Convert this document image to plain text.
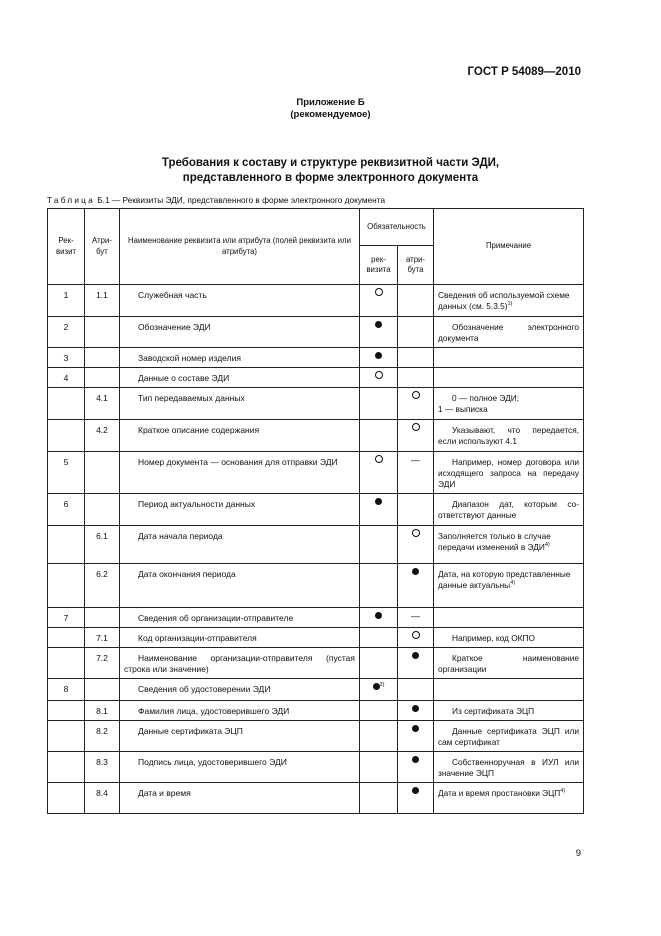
ГОСТ Р 54089—2010
Приложение Б
(рекомендуемое)
Требования к составу и структуре реквизитной части ЭДИ,
представленного в форме электронного документа
Таблица Б.1 — Реквизиты ЭДИ, представленного в форме электронного документа
Рек- визит	Атри- бут	Наименование реквизита или атрибута (полей реквизита или атрибута)	Обязательность		Примечание
			рек- визита	атри- бута	
1	1.1	Служебная часть			Сведения об используемой схеме данных (см. 5.3.5)$^{1)}$
2		Обозначение ЭДИ			Обозначение электронного документа

3		Заводской номер изделия			

4		Данные о составе ЭДИ			

	4.1	Тип передаваемых данных			0 — полное ЭДИ;
1 — выписка

	4.2	Краткое описание содержания			Указывают, что передается, если используют 4.1

5		Номер документа — основания для отправки ЭДИ		—	Например, номер договора или исходящего запроса на передачу ЭДИ

6		Период актуальности данных			Диапазон дат, которым соответствуют данные

	6.1	Дата начала периода			Заполняется только в случае передачи изменений в ЭДИ$^{4)}$
	6.2	Дата окончания периода			Дата, на которую представленные данные актуальны$^{4)}$
7		Сведения об организации-отправителе		—	

	7.1	Код организации-отправителя			Например, код ОКПО

	7.2	Наименование организации-отправителя (пустая строка или значение)			Краткое наименование организации

8		Сведения об удостоверении ЭДИ	$^{3)}$		

	8.1	Фамилия лица, удостоверившего ЭДИ			Из сертификата ЭЦП

	8.2	Данные сертификата ЭЦП			Данные сертификата ЭЦП или сам сертификат

	8.3	Подпись лица, удостоверившего ЭДИ			Собственноручная в ИУЛ или значение ЭЦП

	8.4	Дата и время			Дата и время простановки ЭЦП$^{4)}$
9
